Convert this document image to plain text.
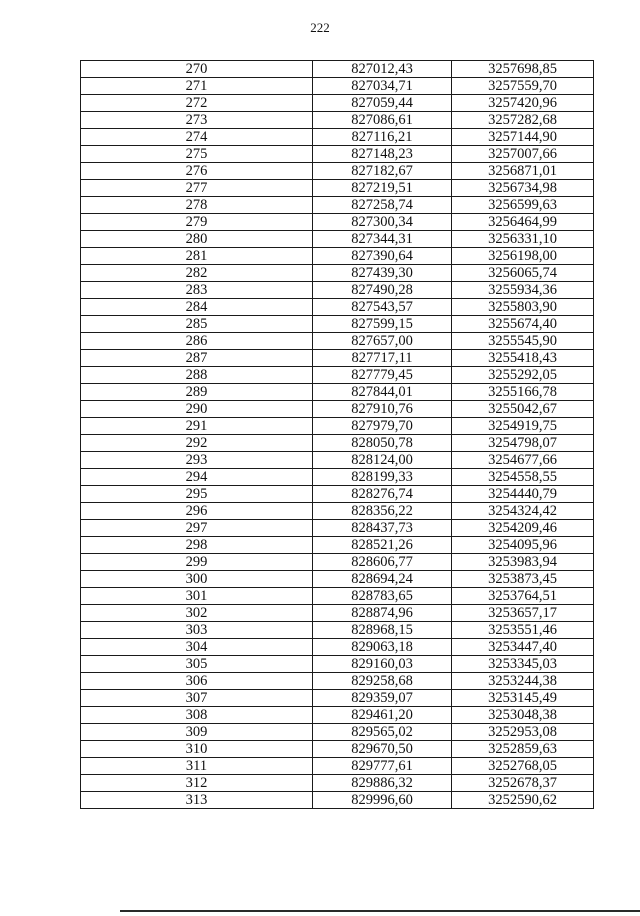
222
270	827012,43	3257698,85
271	827034,71	3257559,70
272	827059,44	3257420,96
273	827086,61	3257282,68
274	827116,21	3257144,90
275	827148,23	3257007,66
276	827182,67	3256871,01
277	827219,51	3256734,98
278	827258,74	3256599,63
279	827300,34	3256464,99
280	827344,31	3256331,10
281	827390,64	3256198,00
282	827439,30	3256065,74
283	827490,28	3255934,36
284	827543,57	3255803,90
285	827599,15	3255674,40
286	827657,00	3255545,90
287	827717,11	3255418,43
288	827779,45	3255292,05
289	827844,01	3255166,78
290	827910,76	3255042,67
291	827979,70	3254919,75
292	828050,78	3254798,07
293	828124,00	3254677,66
294	828199,33	3254558,55
295	828276,74	3254440,79
296	828356,22	3254324,42
297	828437,73	3254209,46
298	828521,26	3254095,96
299	828606,77	3253983,94
300	828694,24	3253873,45
301	828783,65	3253764,51
302	828874,96	3253657,17
303	828968,15	3253551,46
304	829063,18	3253447,40
305	829160,03	3253345,03
306	829258,68	3253244,38
307	829359,07	3253145,49
308	829461,20	3253048,38
309	829565,02	3252953,08
310	829670,50	3252859,63
311	829777,61	3252768,05
312	829886,32	3252678,37
313	829996,60	3252590,62
